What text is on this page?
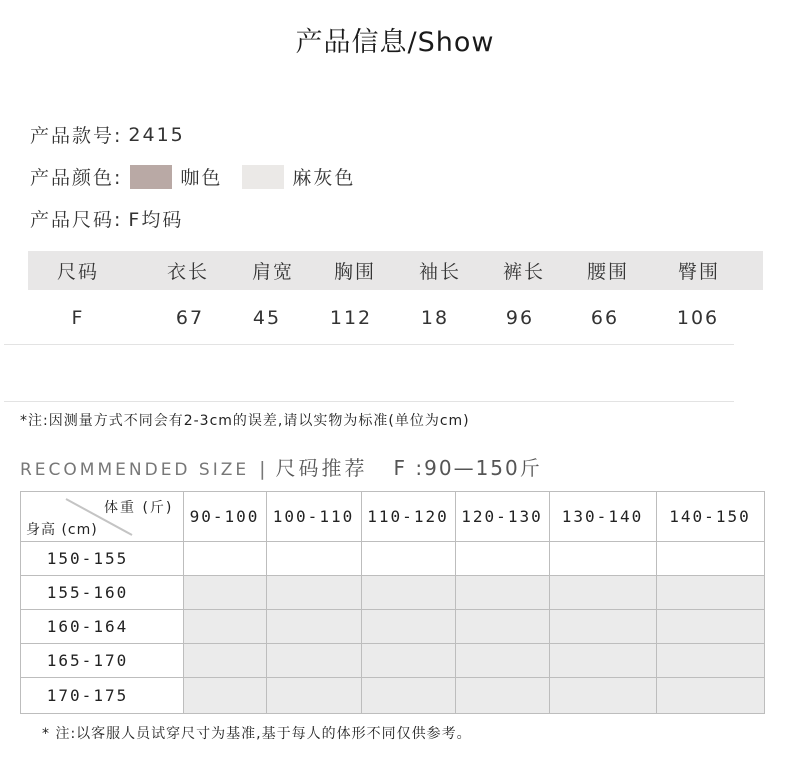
产品信息/Show
产品款号: 2415
产品颜色:	咖色	麻灰色
产品尺码: F均码
尺码	衣长 肩宽 胸围 袖长 裤长 腰围	臀围
F	67	45	112	18	96	66	106
*注:因测量方式不同会有2-3cm的误差,请以实物为标准(单位为cm)
RECOMMENDED SIZE | 尺码推荐 F :90—150斤
体重 (斤)
身高 (cm)
90-100 100-110 110-120 120-130	130-140	140-150
150-155
155-160
160-164
165-170
170-175
* 注:以客服人员试穿尺寸为基准,基于每人的体形不同仅供参考。
